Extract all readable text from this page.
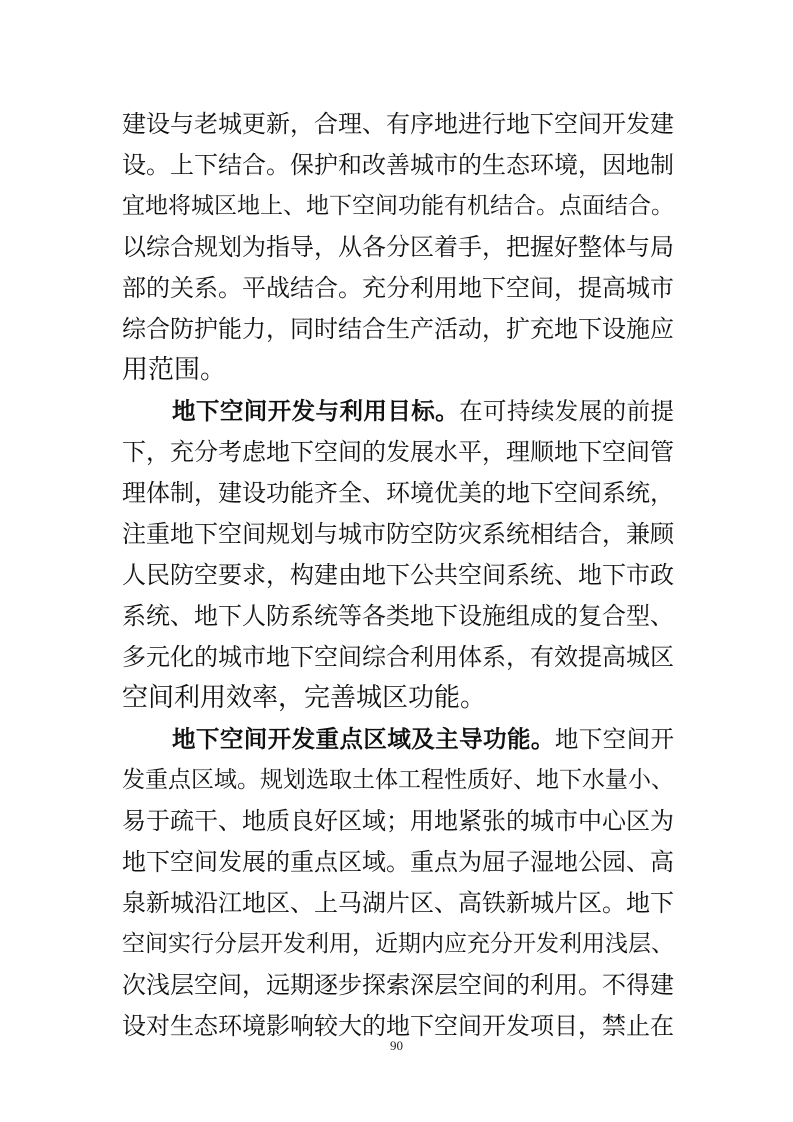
建设与老城更新，合理、有序地进行地下空间开发建
设。上下结合。保护和改善城市的生态环境，因地制
宜地将城区地上、地下空间功能有机结合。点面结合。
以综合规划为指导，从各分区着手，把握好整体与局
部的关系。平战结合。充分利用地下空间，提高城市
综合防护能力，同时结合生产活动，扩充地下设施应
用范围。
地下空间开发与利用目标。在可持续发展的前提
下，充分考虑地下空间的发展水平，理顺地下空间管
理体制，建设功能齐全、环境优美的地下空间系统，
注重地下空间规划与城市防空防灾系统相结合，兼顾
人民防空要求，构建由地下公共空间系统、地下市政
系统、地下人防系统等各类地下设施组成的复合型、
多元化的城市地下空间综合利用体系，有效提高城区
空间利用效率，完善城区功能。
地下空间开发重点区域及主导功能。地下空间开
发重点区域。规划选取土体工程性质好、地下水量小、
易于疏干、地质良好区域；用地紧张的城市中心区为
地下空间发展的重点区域。重点为屈子湿地公园、高
泉新城沿江地区、上马湖片区、高铁新城片区。地下
空间实行分层开发利用，近期内应充分开发利用浅层、
次浅层空间，远期逐步探索深层空间的利用。不得建
设对生态环境影响较大的地下空间开发项目，禁止在
90
